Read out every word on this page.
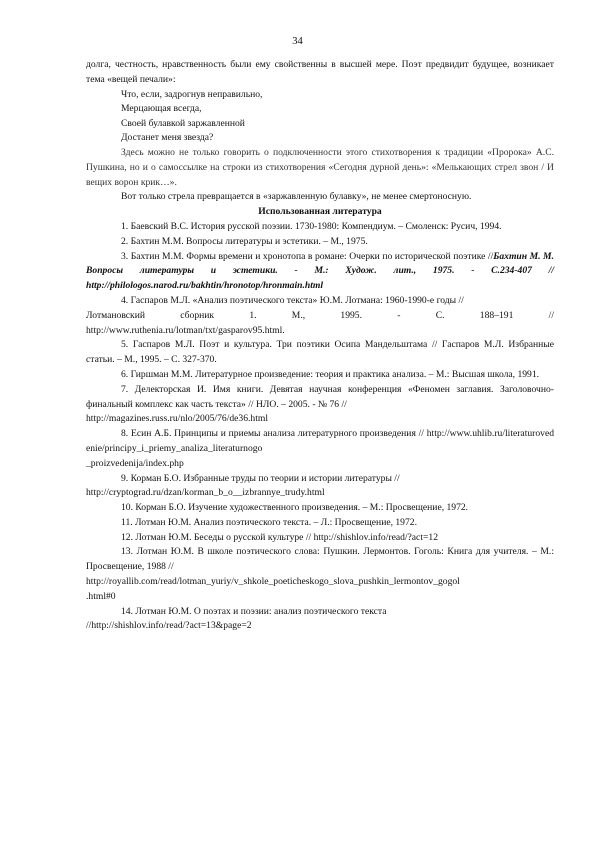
34

долга, честность, нравственность были ему свойственны в высшей мере. Поэт предвидит будущее, возникает тема «вещей печали»:

Что, если, задрогнув неправильно,

Мерцающая всегда,

Своей булавкой заржавленной

Достанет меня звезда?

Здесь можно не только говорить о подключенности этого стихотворения к традиции «Пророка» А.С. Пушкина, но и о самоссылке на строки из стихотворения «Сегодня дурной день»: «Мелькающих стрел звон / И вещих ворон крик…».

Вот только стрела превращается в «заржавленную булавку», не менее смертоносную.

Использованная литература

1. Баевский В.С. История русской поэзии. 1730-1980: Компендиум. – Смоленск: Русич, 1994.

2. Бахтин М.М. Вопросы литературы и эстетики. – М., 1975.

3. Бахтин М.М. Формы времени и хронотопа в романе: Очерки по исторической поэтике //Бахтин М. М. Вопросы литературы и эстетики. - М.: Худож. лит., 1975. - С.234-407 // http://philologos.narod.ru/bakhtin/hronotop/hronmain.html

4. Гаспаров М.Л. «Анализ поэтического текста» Ю.М. Лотмана: 1960-1990-е годы //

Лотмановский сборник 1. М., 1995. - С. 188–191 //

http://www.ruthenia.ru/lotman/txt/gasparov95.html.

5. Гаспаров М.Л. Поэт и культура. Три поэтики Осипа Мандельштама // Гаспаров М.Л. Избранные статьи. – М., 1995. – С. 327-370.

6. Гиршман М.М. Литературное произведение: теория и практика анализа. – М.: Высшая школа, 1991.

7. Делекторская И. Имя книги. Девятая научная конференция «Феномен заглавия. Заголовочно-финальный комплекс как часть текста» // НЛО. – 2005. - № 76 //

http://magazines.russ.ru/nlo/2005/76/de36.html

8. Есин А.Б. Принципы и приемы анализа литературного произведения // http://www.uhlib.ru/literaturovedenie/principy_i_priemy_analiza_literaturnogo

_proizvedenija/index.php

9. Корман Б.О. Избранные труды по теории и истории литературы //

http://cryptograd.ru/dzan/korman_b_o__izbrannye_trudy.html

10. Корман Б.О. Изучение художественного произведения. – М.: Просвещение, 1972.

11. Лотман Ю.М. Анализ поэтического текста. – Л.: Просвещение, 1972.

12. Лотман Ю.М. Беседы о русской культуре // http://shishlov.info/read/?act=12

13. Лотман Ю.М. В школе поэтического слова: Пушкин. Лермонтов. Гоголь: Книга для учителя. – М.: Просвещение, 1988 //

http://royallib.com/read/lotman_yuriy/v_shkole_poeticheskogo_slova_pushkin_lermontov_gogol

.html#0

14. Лотман Ю.М. О поэтах и поэзии: анализ поэтического текста

//http://shishlov.info/read/?act=13&page=2
